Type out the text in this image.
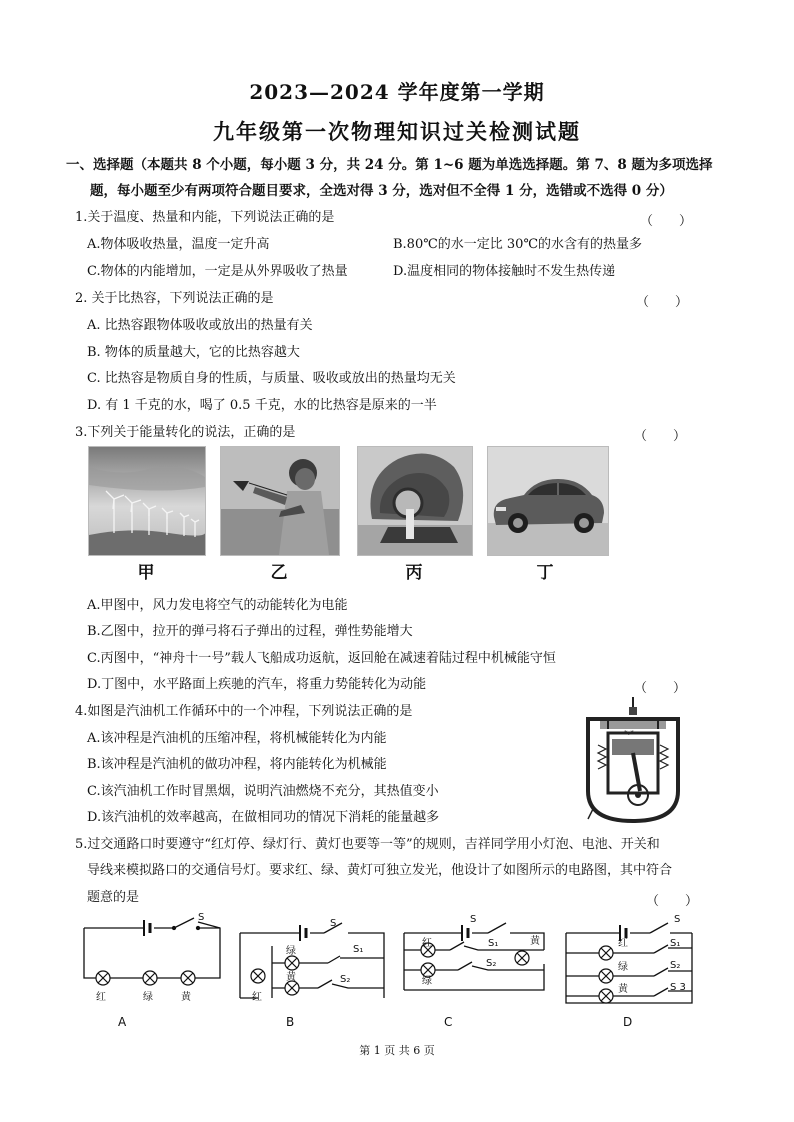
2023—2024 学年度第一学期
九年级第一次物理知识过关检测试题
一、选择题（本题共 8 个小题，每小题 3 分，共 24 分。第 1~6 题为单选选择题。第 7、8 题为多项选择
题，每小题至少有两项符合题目要求，全选对得 3 分，选对但不全得 1 分，选错或不选得 0 分）
1.关于温度、热量和内能，下列说法正确的是	（　　）
A.物体吸收热量，温度一定升高	B.80℃的水一定比 30℃的水含有的热量多
C.物体的内能增加，一定是从外界吸收了热量	D.温度相同的物体接触时不发生热传递
2. 关于比热容，下列说法正确的是	（　　）
A. 比热容跟物体吸收或放出的热量有关
B. 物体的质量越大，它的比热容越大
C. 比热容是物质自身的性质，与质量、吸收或放出的热量均无关
D. 有 1 千克的水，喝了 0.5 千克，水的比热容是原来的一半
3.下列关于能量转化的说法，正确的是	（　　）
甲	乙	丙	丁
A.甲图中，风力发电将空气的动能转化为电能
B.乙图中，拉开的弹弓将石子弹出的过程，弹性势能增大
C.丙图中，“神舟十一号”载人飞船成功返航，返回舱在减速着陆过程中机械能守恒
D.丁图中，水平路面上疾驰的汽车，将重力势能转化为动能	（　　）
4.如图是汽油机工作循环中的一个冲程，下列说法正确的是
A.该冲程是汽油机的压缩冲程，将机械能转化为内能
B.该冲程是汽油机的做功冲程，将内能转化为机械能
C.该汽油机工作时冒黑烟，说明汽油燃烧不充分，其热值变小
D.该汽油机的效率越高，在做相同功的情况下消耗的能量越多
*ᵥ*
5.过交通路口时要遵守“红灯停、绿灯行、黄灯也要等一等”的规则，吉祥同学用小灯泡、电池、开关和
导线来模拟路口的交通信号灯。要求红、绿、黄灯可独立发光，他设计了如图所示的电路图，其中符合
题意的是	（　　）
S
红	绿	黄
A
S
绿
黄
S₁
S₂
红
B
S
红	S₁	黄
绿
S₂
C
S
红
绿
黄
S₁
S₂
S 3
D
第 1 页 共 6 页
